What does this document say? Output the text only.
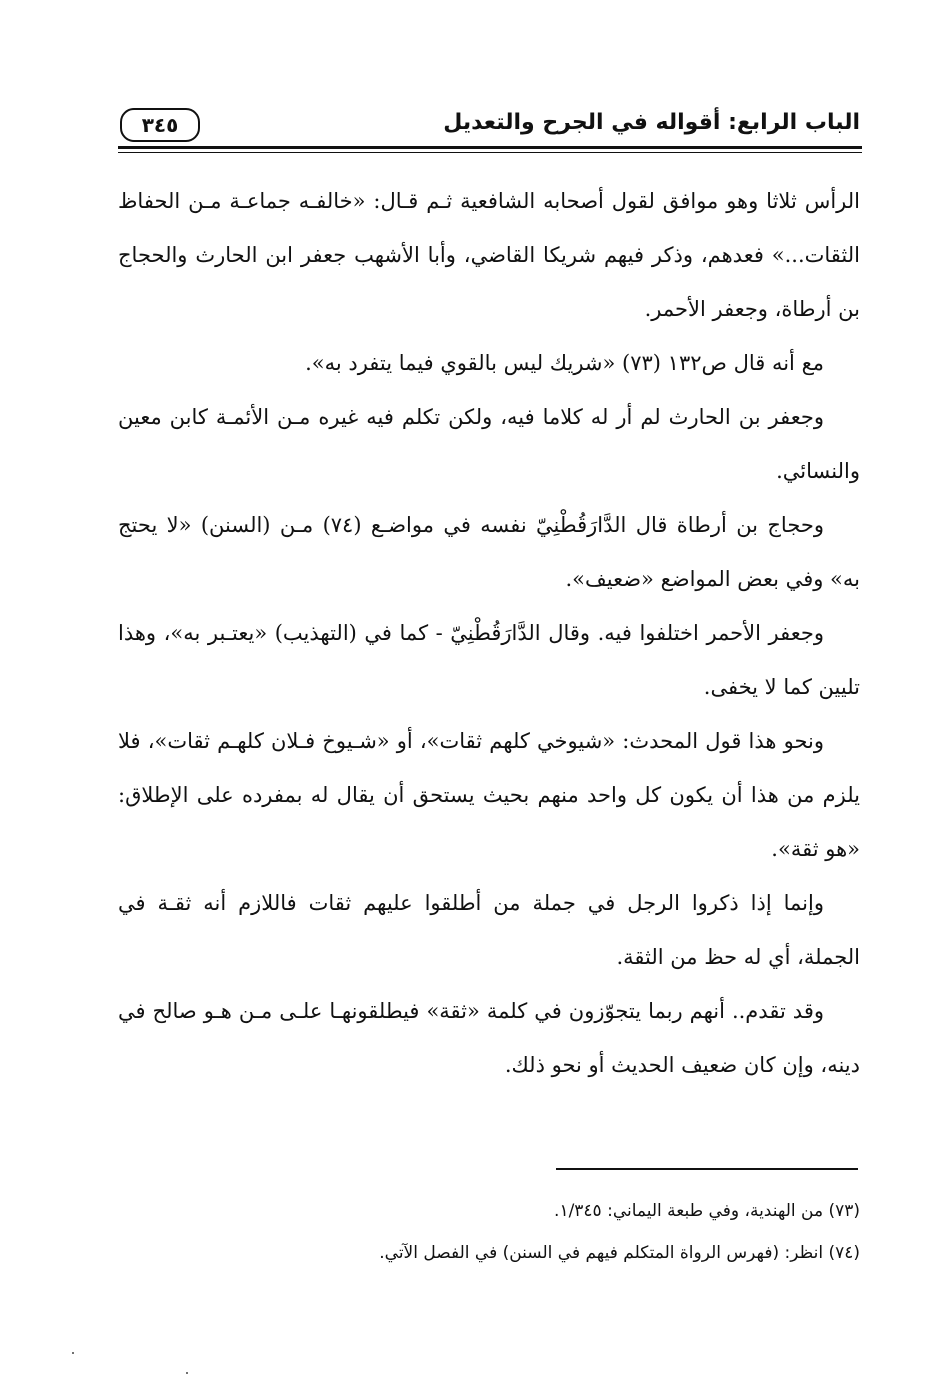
الباب الرابع: أقواله في الجرح والتعديل
٣٤٥

الرأس ثلاثا وهو موافق لقول أصحابه الشافعية ثـم قـال: «خالفـه جماعـة مـن الحفاظ الثقات...» فعدهم، وذكر فيهم شريكا القاضي، وأبا الأشهب جعفر ابن الحارث والحجاج بن أرطاة، وجعفر الأحمر.

مع أنه قال ص١٣٢ (٧٣) «شريك ليس بالقوي فيما يتفرد به».

وجعفر بن الحارث لم أر له كلاما فيه، ولكن تكلم فيه غيره مـن الأئمـة كابن معين والنسائي.

وحجاج بن أرطاة قال الدَّارَقُطْنِيّ نفسه في مواضـع (٧٤) مـن (السنن) «لا يحتج به» وفي بعض المواضع «ضعيف».

وجعفر الأحمر اختلفوا فيه. وقال الدَّارَقُطْنِيّ - كما في (التهذيب) «يعتـبر به»، وهذا تليين كما لا يخفى.

ونحو هذا قول المحدث: «شيوخي كلهم ثقات»، أو «شـيوخ فـلان كلهـم ثقات»، فلا يلزم من هذا أن يكون كل واحد منهم بحيث يستحق أن يقال له بمفرده على الإطلاق: «هو ثقة».

وإنما إذا ذكروا الرجل في جملة من أطلقوا عليهم ثقات فاللازم أنه ثقـة في الجملة، أي له حظ من الثقة.

وقد تقدم.. أنهم ربما يتجوّزون في كلمة «ثقة» فيطلقونهـا علـى مـن هـو صالح في دينه، وإن كان ضعيف الحديث أو نحو ذلك.

(٧٣) من الهندية، وفي طبعة اليماني: ١/٣٤٥.

(٧٤) انظر: (فهرس الرواة المتكلم فيهم في السنن) في الفصل الآتي.
